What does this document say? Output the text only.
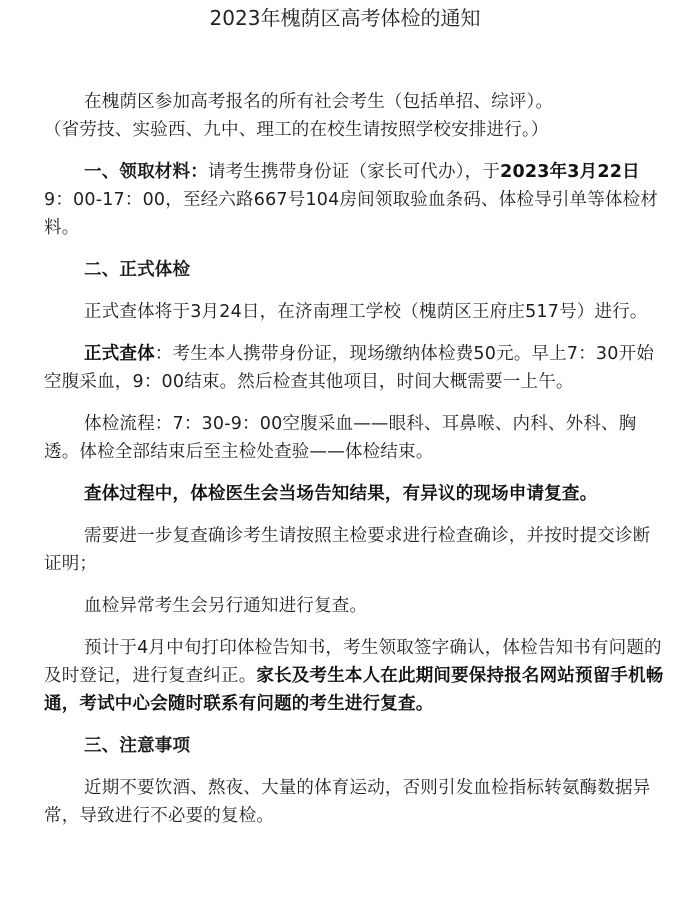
2023年槐荫区高考体检的通知

在槐荫区参加高考报名的所有社会考生（包括单招、综评）。

（省劳技、实验西、九中、理工的在校生请按照学校安排进行。）

一、领取材料：请考生携带身份证（家长可代办），于2023年3月22日9：00-17：00，至经六路667号104房间领取验血条码、体检导引单等体检材料。

二、正式体检

正式查体将于3月24日，在济南理工学校（槐荫区王府庄517号）进行。

正式查体：考生本人携带身份证，现场缴纳体检费50元。早上7：30开始空腹采血，9：00结束。然后检查其他项目，时间大概需要一上午。

体检流程：7：30-9：00空腹采血——眼科、耳鼻喉、内科、外科、胸透。体检全部结束后至主检处查验——体检结束。

查体过程中，体检医生会当场告知结果，有异议的现场申请复查。

需要进一步复查确诊考生请按照主检要求进行检查确诊，并按时提交诊断证明；

血检异常考生会另行通知进行复查。

预计于4月中旬打印体检告知书，考生领取签字确认，体检告知书有问题的及时登记，进行复查纠正。家长及考生本人在此期间要保持报名网站预留手机畅通，考试中心会随时联系有问题的考生进行复查。

三、注意事项

近期不要饮酒、熬夜、大量的体育运动，否则引发血检指标转氨酶数据异常，导致进行不必要的复检。
